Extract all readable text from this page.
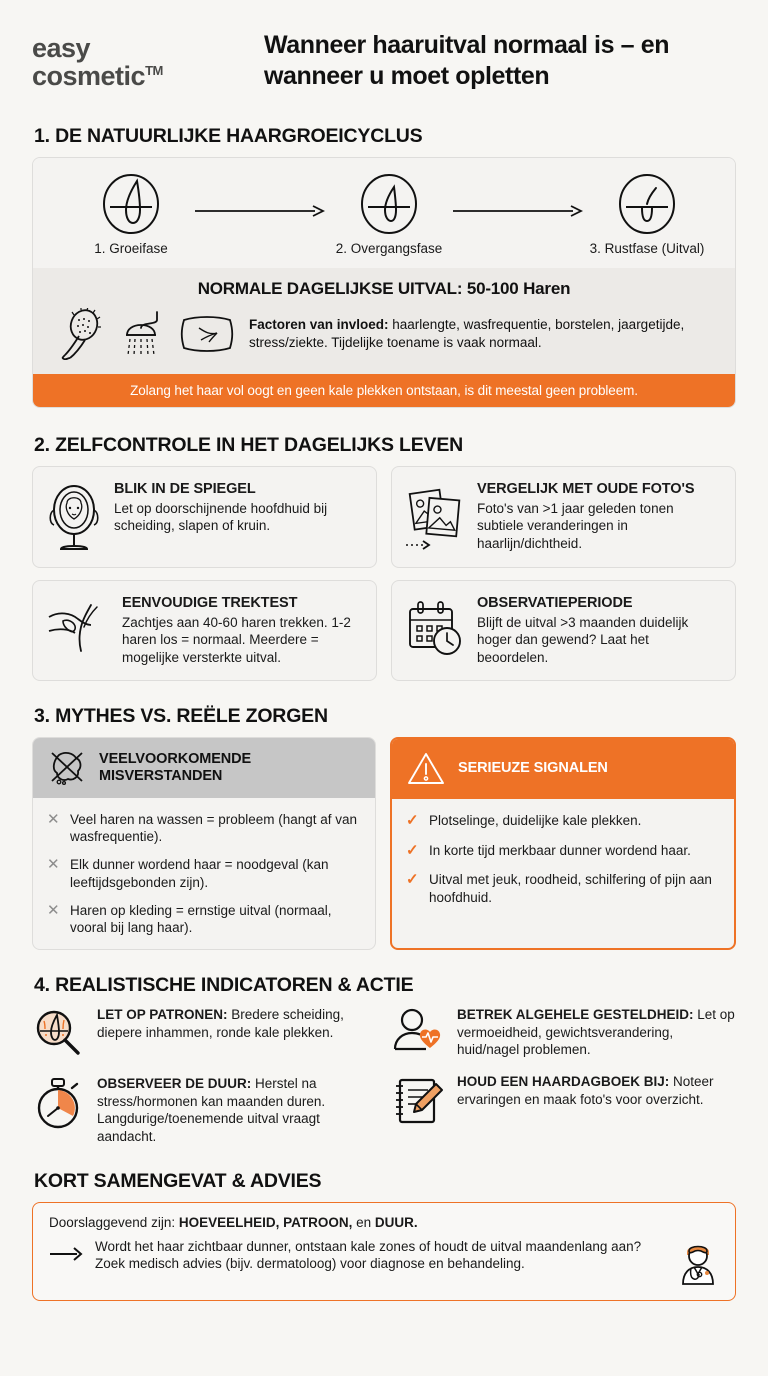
easy
cosmetic™
Wanneer haaruitval normaal is – en wanneer u moet opletten
1. DE NATUURLIJKE HAARGROEICYCLUS
1. Groeifase	2. Overgangsfase	3. Rustfase (Uitval)
NORMALE DAGELIJKSE UITVAL: 50-100 Haren
Factoren van invloed: haarlengte, wasfrequentie, borstelen, jaargetijde, stress/ziekte. Tijdelijke toename is vaak normaal.
Zolang het haar vol oogt en geen kale plekken ontstaan, is dit meestal geen probleem.
2. ZELFCONTROLE IN HET DAGELIJKS LEVEN
BLIK IN DE SPIEGEL
Let op doorschijnende hoofdhuid bij scheiding, slapen of kruin.
VERGELIJK MET OUDE FOTO'S
Foto's van >1 jaar geleden tonen subtiele veranderingen in haarlijn/dichtheid.
EENVOUDIGE TREKTEST
Zachtjes aan 40-60 haren trekken. 1-2 haren los = normaal. Meerdere = mogelijke versterkte uitval.
OBSERVATIEPERIODE
Blijft de uitval >3 maanden duidelijk hoger dan gewend? Laat het beoordelen.
3. MYTHES VS. REËLE ZORGEN
VEELVOORKOMENDE MISVERSTANDEN
✕ Veel haren na wassen = probleem (hangt af van wasfrequentie).
✕ Elk dunner wordend haar = noodgeval (kan leeftijdsgebonden zijn).
✕ Haren op kleding = ernstige uitval (normaal, vooral bij lang haar).
SERIEUZE SIGNALEN
✓ Plotselinge, duidelijke kale plekken.
✓ In korte tijd merkbaar dunner wordend haar.
✓ Uitval met jeuk, roodheid, schilfering of pijn aan hoofdhuid.
4. REALISTISCHE INDICATOREN & ACTIE
LET OP PATRONEN: Bredere scheiding, diepere inhammen, ronde kale plekken.
OBSERVEER DE DUUR: Herstel na stress/hormonen kan maanden duren. Langdurige/toenemende uitval vraagt aandacht.
BETREK ALGEHELE GESTELDHEID: Let op vermoeidheid, gewichtsverandering, huid/nagel problemen.
HOUD EEN HAARDAGBOEK BIJ: Noteer ervaringen en maak foto's voor overzicht.
KORT SAMENGEVAT & ADVIES
Doorslaggevend zijn: HOEVEELHEID, PATROON, en DUUR.
Wordt het haar zichtbaar dunner, ontstaan kale zones of houdt de uitval maandenlang aan? Zoek medisch advies (bijv. dermatoloog) voor diagnose en behandeling.
